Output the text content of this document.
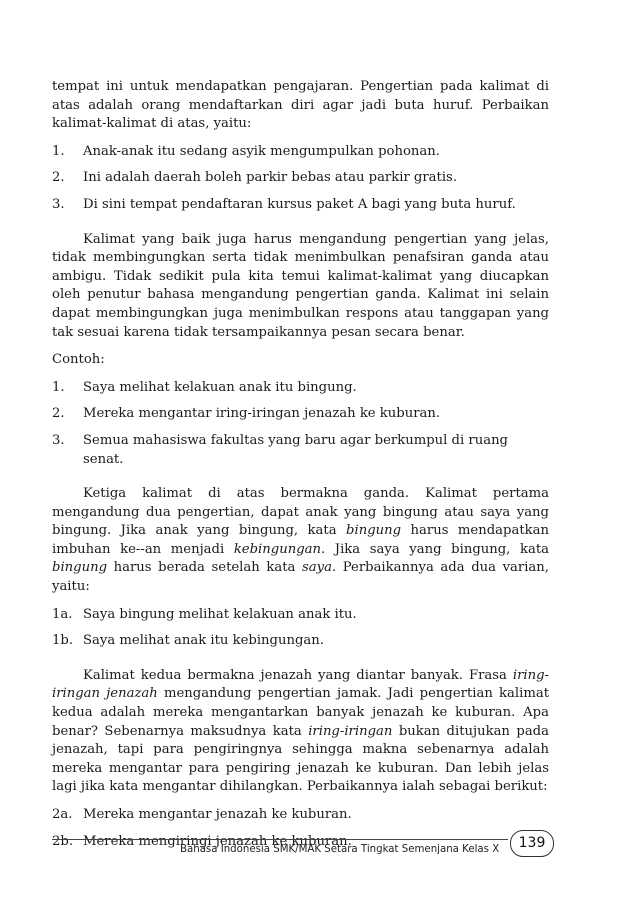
tempat ini untuk mendapatkan pengajaran. Pengertian pada kalimat di atas adalah orang mendaftarkan diri agar jadi buta huruf. Perbaikan kalimat-kalimat di atas, yaitu:

1.	Anak-anak itu sedang asyik mengumpulkan pohonan.
2.	Ini adalah daerah boleh parkir bebas atau parkir gratis.
3.	Di sini tempat pendaftaran kursus paket A bagi yang buta huruf.

Kalimat yang baik juga harus mengandung pengertian yang jelas, tidak membingungkan serta tidak menimbulkan penafsiran ganda atau ambigu. Tidak sedikit pula kita temui kalimat-kalimat yang diucapkan oleh penutur bahasa mengandung pengertian ganda. Kalimat ini selain dapat membingungkan juga menimbulkan respons atau tanggapan yang tak sesuai karena tidak tersampaikannya pesan secara benar.

Contoh:

1.	Saya melihat kelakuan anak itu bingung.
2.	Mereka mengantar iring-iringan jenazah ke kuburan.
3.	Semua mahasiswa fakultas yang baru agar berkumpul di ruang senat.

Ketiga kalimat di atas bermakna ganda. Kalimat pertama mengandung dua pengertian, dapat anak yang bingung atau saya yang bingung. Jika anak yang bingung, kata bingung harus mendapatkan imbuhan ke--an menjadi kebingungan. Jika saya yang bingung, kata bingung harus berada setelah kata saya. Perbaikannya ada dua varian, yaitu:

1a. Saya bingung melihat kelakuan anak itu.
1b. Saya melihat anak itu kebingungan.

Kalimat kedua bermakna jenazah yang diantar banyak. Frasa iring-iringan jenazah mengandung pengertian jamak. Jadi pengertian kalimat kedua adalah mereka mengantarkan banyak jenazah ke kuburan. Apa benar? Sebenarnya maksudnya kata iring-iringan bukan ditujukan pada jenazah, tapi para pengiringnya sehingga makna sebenarnya adalah mereka mengantar para pengiring jenazah ke kuburan. Dan lebih jelas lagi jika kata mengantar dihilangkan. Perbaikannya ialah sebagai berikut:

2a. Mereka mengantar jenazah ke kuburan.
2b. Mereka mengiringi jenazah ke kuburan.
Bahasa Indonesia SMK/MAK Setara Tingkat Semenjana Kelas X	139
